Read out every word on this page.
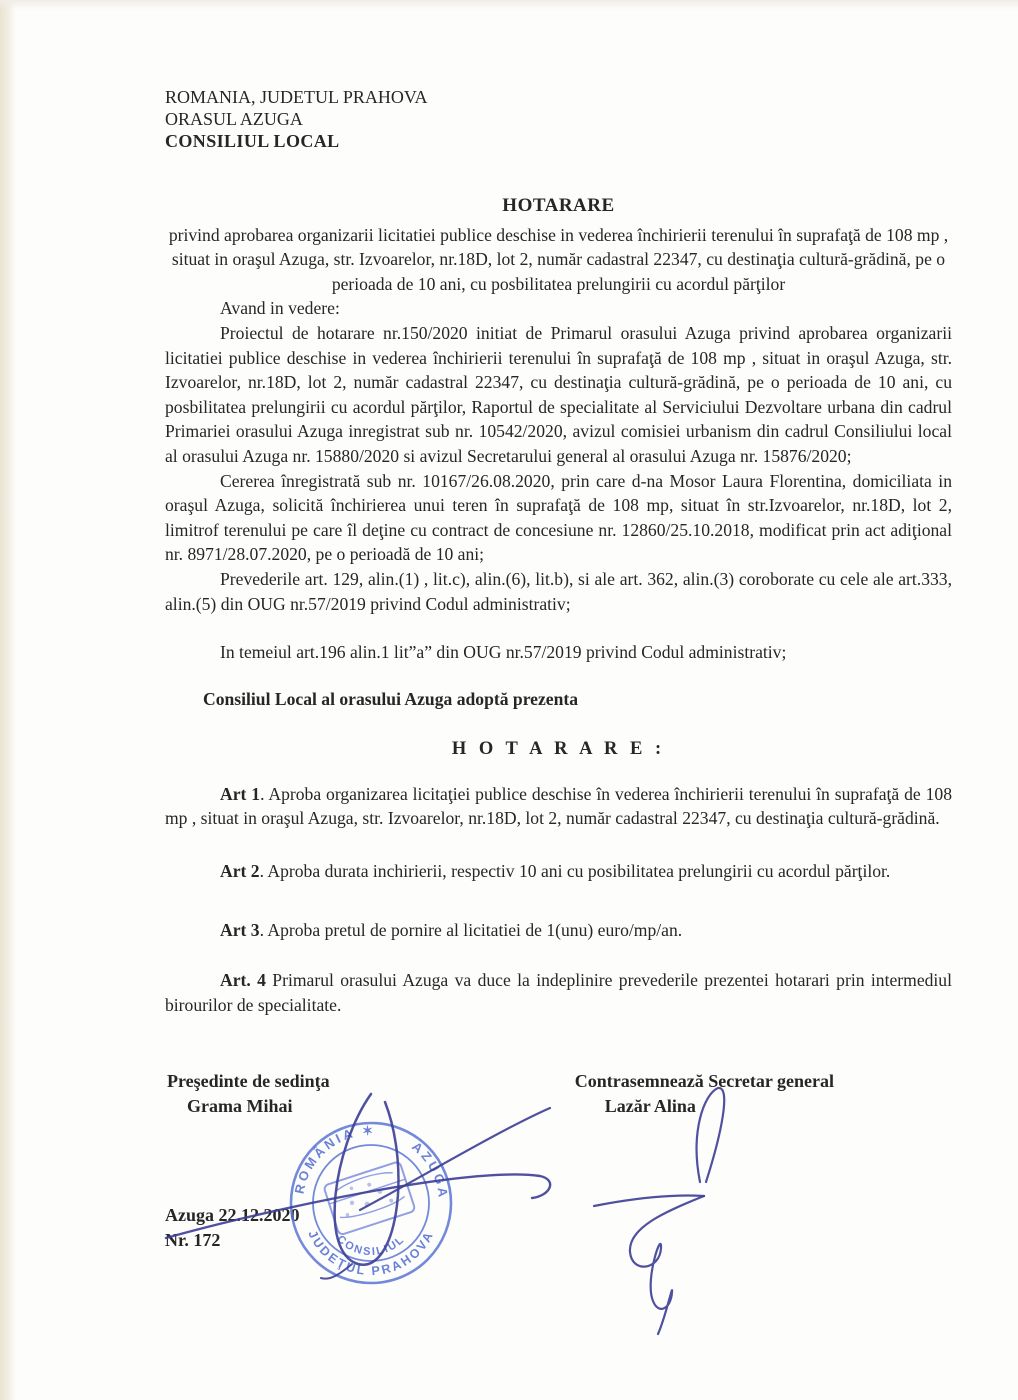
ROMANIA, JUDETUL PRAHOVA
ORASUL AZUGA
CONSILIUL LOCAL
HOTARARE
privind aprobarea organizarii licitatiei publice deschise in vederea închirierii terenului în suprafaţă de 108 mp , situat in oraşul Azuga, str. Izvoarelor, nr.18D, lot 2, număr cadastral 22347, cu destinaţia cultură-grădină, pe o perioada de 10 ani, cu posbilitatea prelungirii cu acordul părţilor

Avand in vedere:

Proiectul de hotarare nr.150/2020 initiat de Primarul orasului Azuga privind aprobarea organizarii licitatiei publice deschise in vederea închirierii terenului în suprafaţă de 108 mp , situat in oraşul Azuga, str. Izvoarelor, nr.18D, lot 2, număr cadastral 22347, cu destinaţia cultură-grădină, pe o perioada de 10 ani, cu posbilitatea prelungirii cu acordul părţilor, Raportul de specialitate al Serviciului Dezvoltare urbana din cadrul Primariei orasului Azuga inregistrat sub nr. 10542/2020, avizul comisiei urbanism din cadrul Consiliului local al orasului Azuga nr. 15880/2020 si avizul Secretarului general al orasului Azuga nr. 15876/2020;

Cererea înregistrată sub nr. 10167/26.08.2020, prin care d-na Mosor Laura Florentina, domiciliata in oraşul Azuga, solicită închirierea unui teren în suprafaţă de 108 mp, situat în str.Izvoarelor, nr.18D, lot 2, limitrof terenului pe care îl deţine cu contract de concesiune nr. 12860/25.10.2018, modificat prin act adiţional nr. 8971/28.07.2020, pe o perioadă de 10 ani;

Prevederile art. 129, alin.(1) , lit.c), alin.(6), lit.b), si ale art. 362, alin.(3) coroborate cu cele ale art.333, alin.(5) din OUG nr.57/2019 privind Codul administrativ;

In temeiul art.196 alin.1 lit”a” din OUG nr.57/2019 privind Codul administrativ;

Consiliul Local al orasului Azuga adoptă prezenta

H O T A R A R E :

Art 1. Aproba organizarea licitaţiei publice deschise în vederea închirierii terenului în suprafaţă de 108 mp , situat in oraşul Azuga, str. Izvoarelor, nr.18D, lot 2, număr cadastral 22347, cu destinaţia cultură-grădină.

Art 2. Aproba durata inchirierii, respectiv 10 ani cu posibilitatea prelungirii cu acordul părţilor.

Art 3. Aproba pretul de pornire al licitatiei de 1(unu) euro/mp/an.

Art. 4 Primarul orasului Azuga va duce la indeplinire prevederile prezentei hotarari prin intermediul birourilor de specialitate.

Preşedinte de sedinţa
Grama Mihai
Contrasemnează Secretar general
Lazăr Alina
Azuga 22.12.2020
Nr. 172
ROMÂNIA ✶
AZUGA
JUDEŢUL PRAHOVA
CONSILIUL
